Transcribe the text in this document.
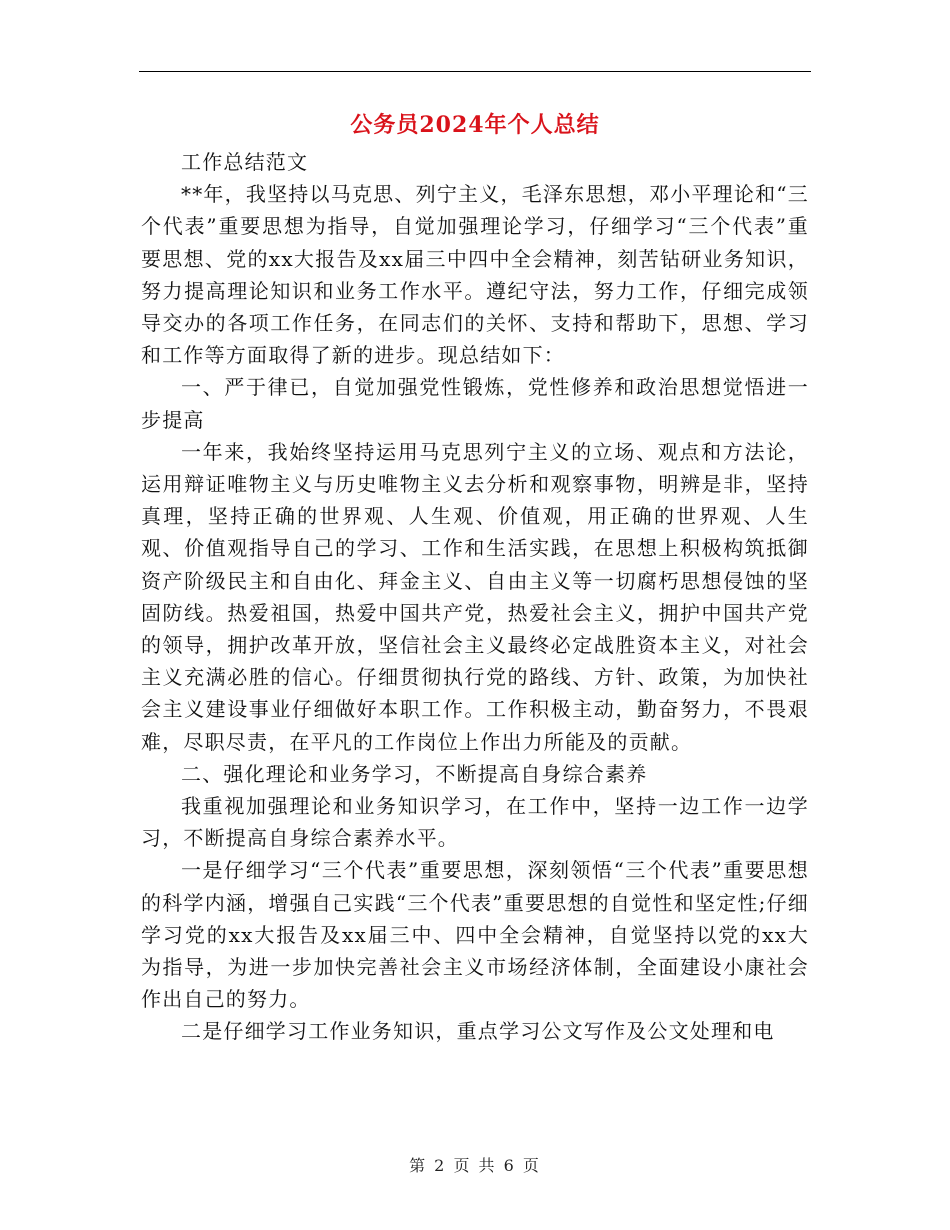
公务员2024年个人总结

工作总结范文

**年，我坚持以马克思、列宁主义，毛泽东思想，邓小平理论和“三个代表”重要思想为指导，自觉加强理论学习，仔细学习“三个代表”重要思想、党的xx大报告及xx届三中四中全会精神，刻苦钻研业务知识，努力提高理论知识和业务工作水平。遵纪守法，努力工作，仔细完成领导交办的各项工作任务，在同志们的关怀、支持和帮助下，思想、学习和工作等方面取得了新的进步。现总结如下：

一、严于律已，自觉加强党性锻炼，党性修养和政治思想觉悟进一步提高

一年来，我始终坚持运用马克思列宁主义的立场、观点和方法论，运用辩证唯物主义与历史唯物主义去分析和观察事物，明辨是非，坚持真理，坚持正确的世界观、人生观、价值观，用正确的世界观、人生观、价值观指导自己的学习、工作和生活实践，在思想上积极构筑抵御资产阶级民主和自由化、拜金主义、自由主义等一切腐朽思想侵蚀的坚固防线。热爱祖国，热爱中国共产党，热爱社会主义，拥护中国共产党的领导，拥护改革开放，坚信社会主义最终必定战胜资本主义，对社会主义充满必胜的信心。仔细贯彻执行党的路线、方针、政策，为加快社会主义建设事业仔细做好本职工作。工作积极主动，勤奋努力，不畏艰难，尽职尽责，在平凡的工作岗位上作出力所能及的贡献。

二、强化理论和业务学习，不断提高自身综合素养

我重视加强理论和业务知识学习，在工作中，坚持一边工作一边学习，不断提高自身综合素养水平。

一是仔细学习“三个代表”重要思想，深刻领悟“三个代表”重要思想的科学内涵，增强自己实践“三个代表”重要思想的自觉性和坚定性;仔细学习党的xx大报告及xx届三中、四中全会精神，自觉坚持以党的xx大为指导，为进一步加快完善社会主义市场经济体制，全面建设小康社会作出自己的努力。

二是仔细学习工作业务知识，重点学习公文写作及公文处理和电

第 2 页 共 6 页
